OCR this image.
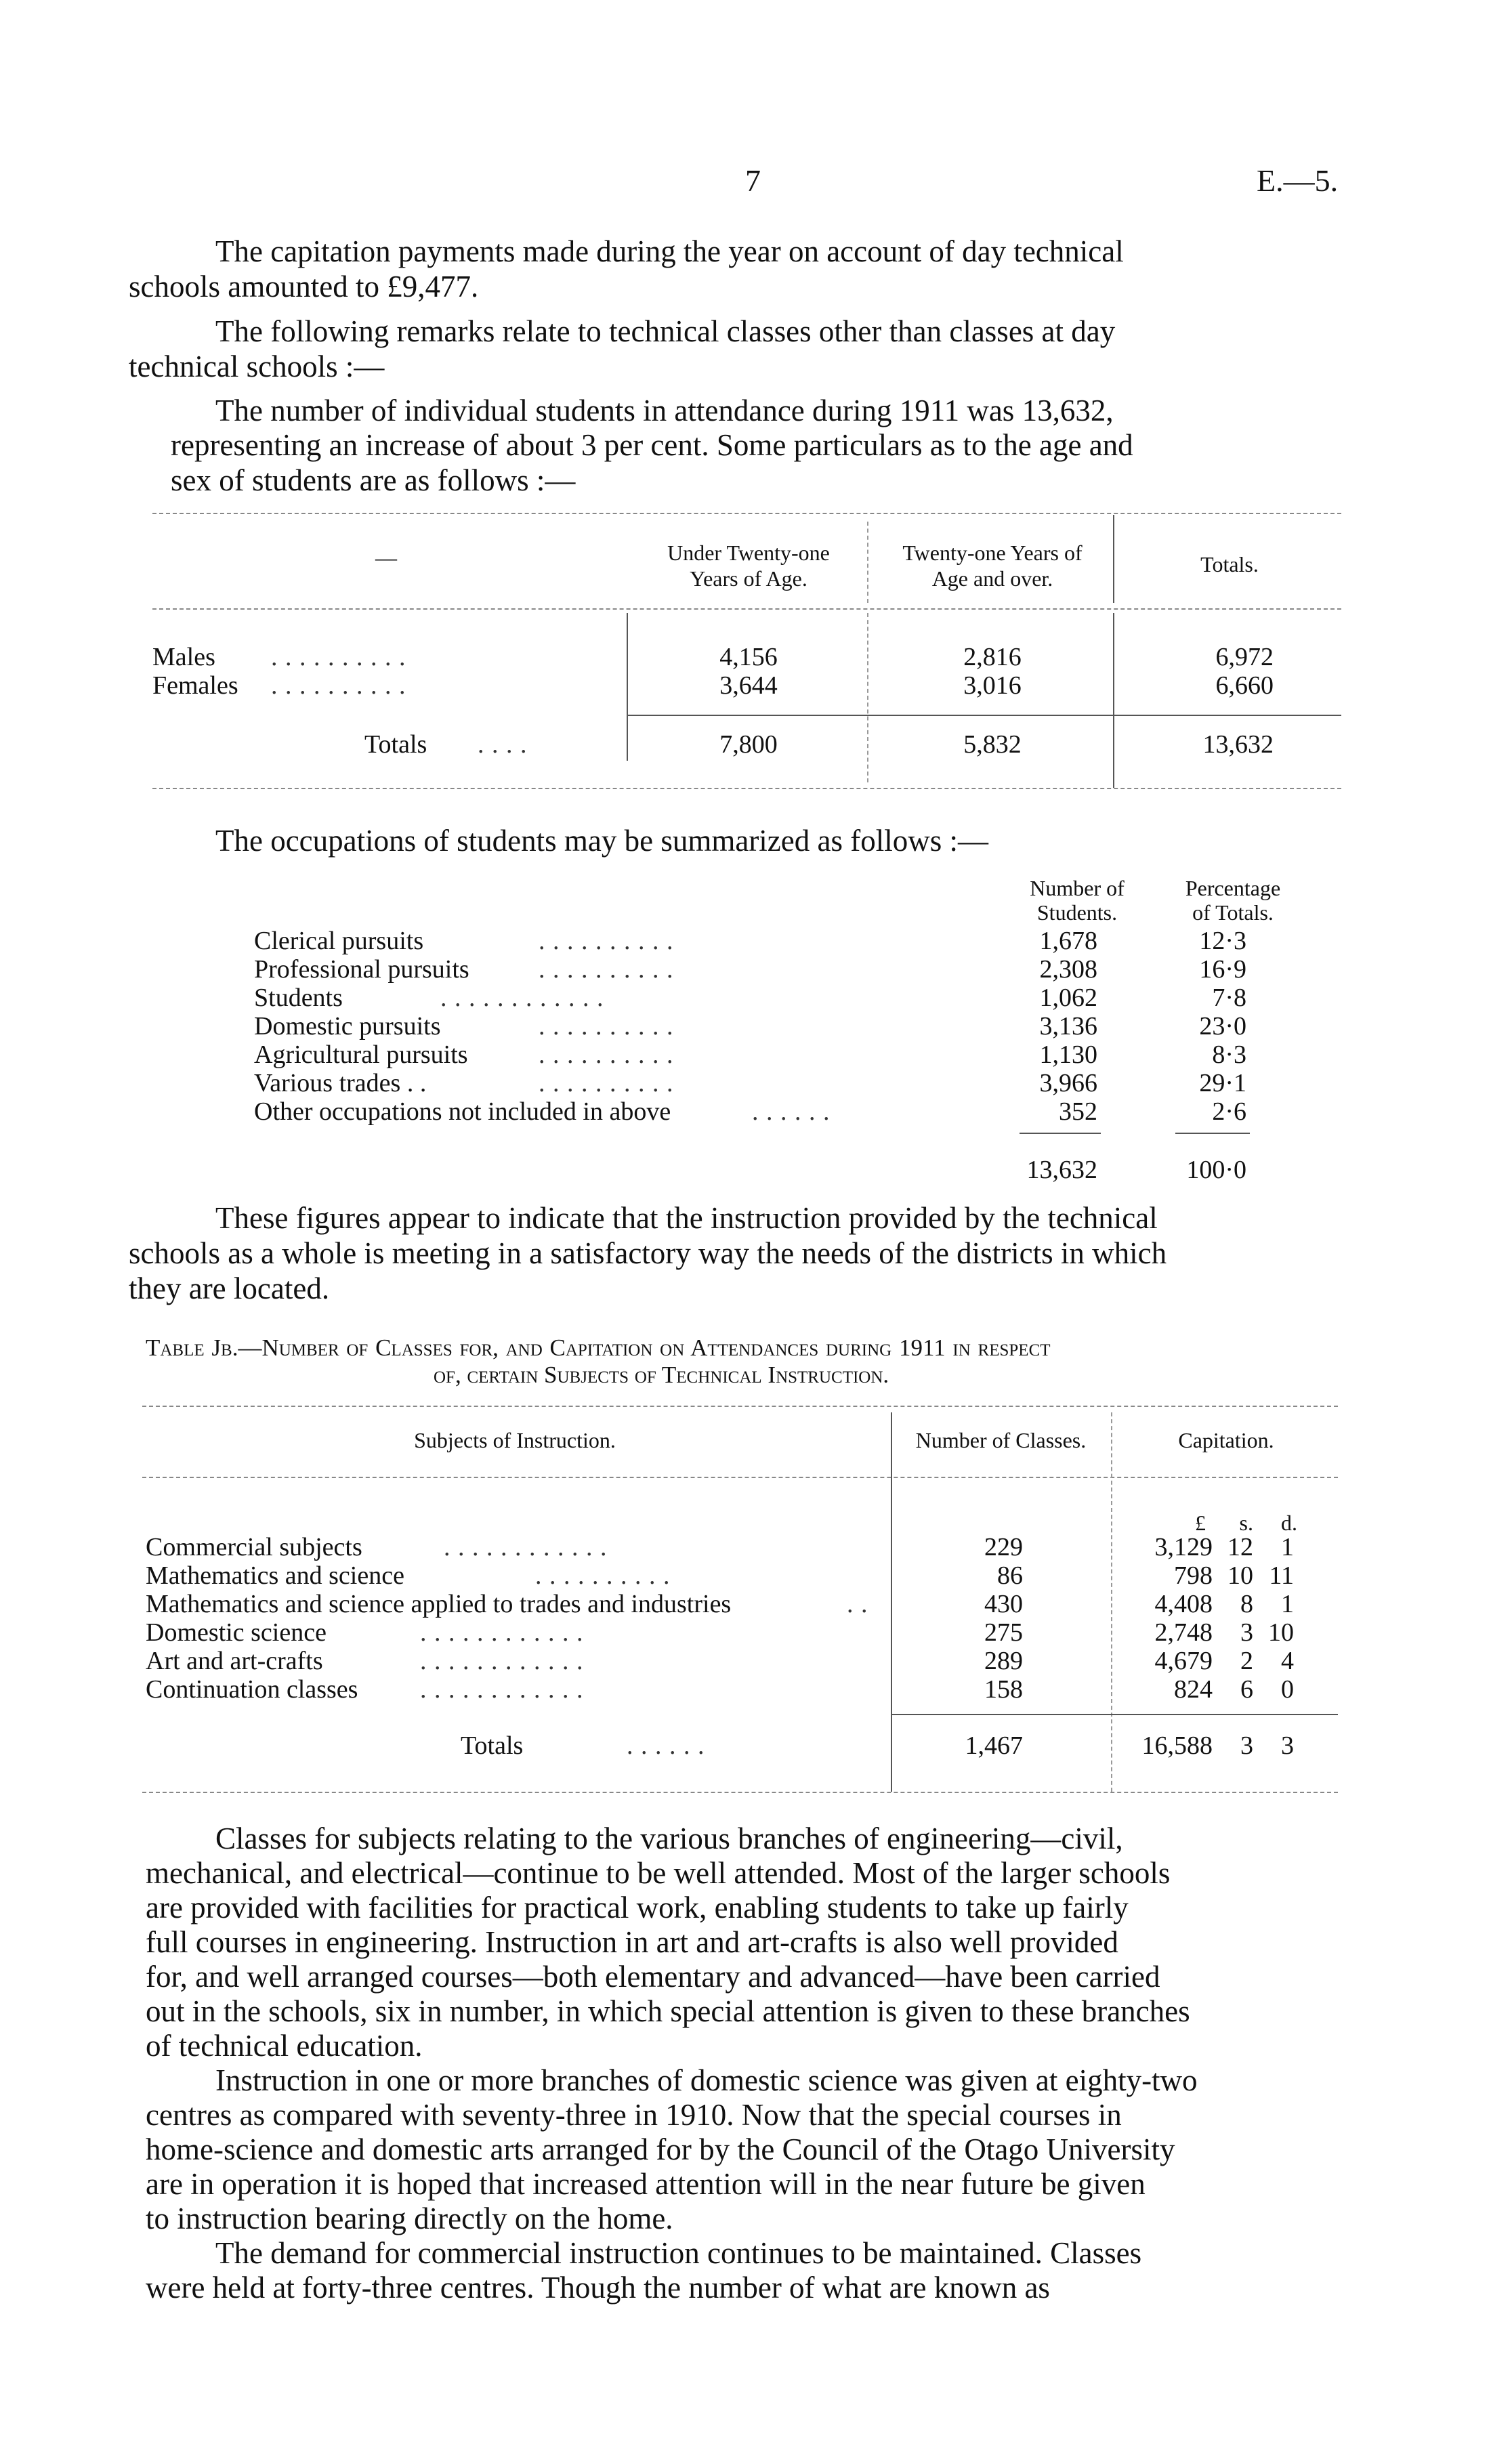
7	E.—5.
The capitation payments made during the year on account of day technical
schools amounted to £9,477.
The following remarks relate to technical classes other than classes at day
technical schools :—
The number of individual students in attendance during 1911 was 13,632,
representing an increase of about 3 per cent. Some particulars as to the age and
sex of students are as follows :—
—	Under Twenty-one
Years of Age.
Twenty-one Years of
Age and over.
Totals.
Males . . . . . . . . . .	4,156	2,816	6,972
Females . . . . . . . . . .	3,644	3,016	6,660
Totals . . . .	7,800	5,832	13,632
The occupations of students may be summarized as follows :—
Number of
Students.
Percentage
of Totals.
Clerical pursuits	. . . . . . . . . .	1,678	12·3
Professional pursuits	. . . . . . . . . .	2,308	16·9
Students	. . . . . . . . . . . .	1,062	7·8
Domestic pursuits	. . . . . . . . . .	3,136	23·0
Agricultural pursuits	. . . . . . . . . .	1,130	8·3
Various trades . .	. . . . . . . . . .	3,966	29·1
Other occupations not included in above	. . . . . .	352	2·6
13,632	100·0
These figures appear to indicate that the instruction provided by the technical
schools as a whole is meeting in a satisfactory way the needs of the districts in which
they are located.
Table Jb.—Number of Classes for, and Capitation on Attendances during 1911 in respect
of, certain Subjects of Technical Instruction.
Subjects of Instruction.	Number of Classes.	Capitation.
£	s.	d.
Commercial subjects	. . . . . . . . . . . .	229	3,129 12	1
Mathematics and science	. . . . . . . . . .	86	798 10 11
Mathematics and science applied to trades and industries	. .	430	4,408	8	1
Domestic science	. . . . . . . . . . . .	275	2,748	3 10
Art and art-crafts	. . . . . . . . . . . .	289	4,679	2	4
Continuation classes . . . . . . . . . . . .	158	824	6	0
Totals	. . . . . .	1,467	16,588	3	3
Classes for subjects relating to the various branches of engineering—civil,
mechanical, and electrical—continue to be well attended. Most of the larger schools
are provided with facilities for practical work, enabling students to take up fairly
full courses in engineering. Instruction in art and art-crafts is also well provided
for, and well arranged courses—both elementary and advanced—have been carried
out in the schools, six in number, in which special attention is given to these branches
of technical education.
Instruction in one or more branches of domestic science was given at eighty-two
centres as compared with seventy-three in 1910. Now that the special courses in
home-science and domestic arts arranged for by the Council of the Otago University
are in operation it is hoped that increased attention will in the near future be given
to instruction bearing directly on the home.
The demand for commercial instruction continues to be maintained. Classes
were held at forty-three centres. Though the number of what are known as
